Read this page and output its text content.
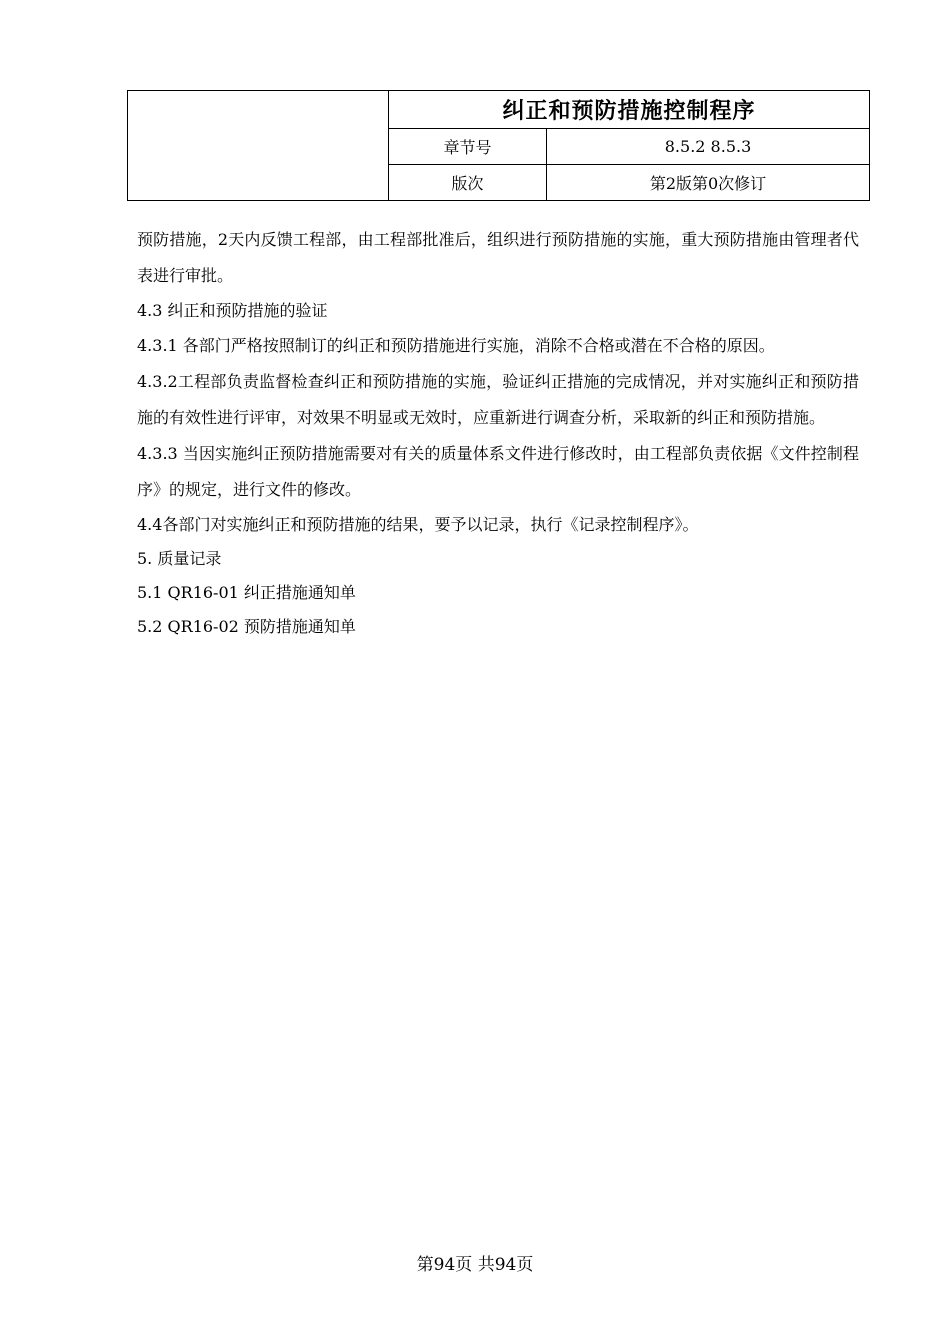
	纠正和预防措施控制程序	
	章节号	8.5.2 8.5.3
	版次	第2版第0次修订

预防措施，2天内反馈工程部，由工程部批准后，组织进行预防措施的实施，重大预防措施由管理者代表进行审批。

4.3 纠正和预防措施的验证

4.3.1 各部门严格按照制订的纠正和预防措施进行实施，消除不合格或潜在不合格的原因。

4.3.2工程部负责监督检查纠正和预防措施的实施，验证纠正措施的完成情况，并对实施纠正和预防措施的有效性进行评审，对效果不明显或无效时，应重新进行调查分析，采取新的纠正和预防措施。

4.3.3 当因实施纠正预防措施需要对有关的质量体系文件进行修改时，由工程部负责依据《文件控制程序》的规定，进行文件的修改。

4.4各部门对实施纠正和预防措施的结果，要予以记录，执行《记录控制程序》。

5. 质量记录

5.1 QR16-01 纠正措施通知单

5.2 QR16-02 预防措施通知单

第94页 共94页
